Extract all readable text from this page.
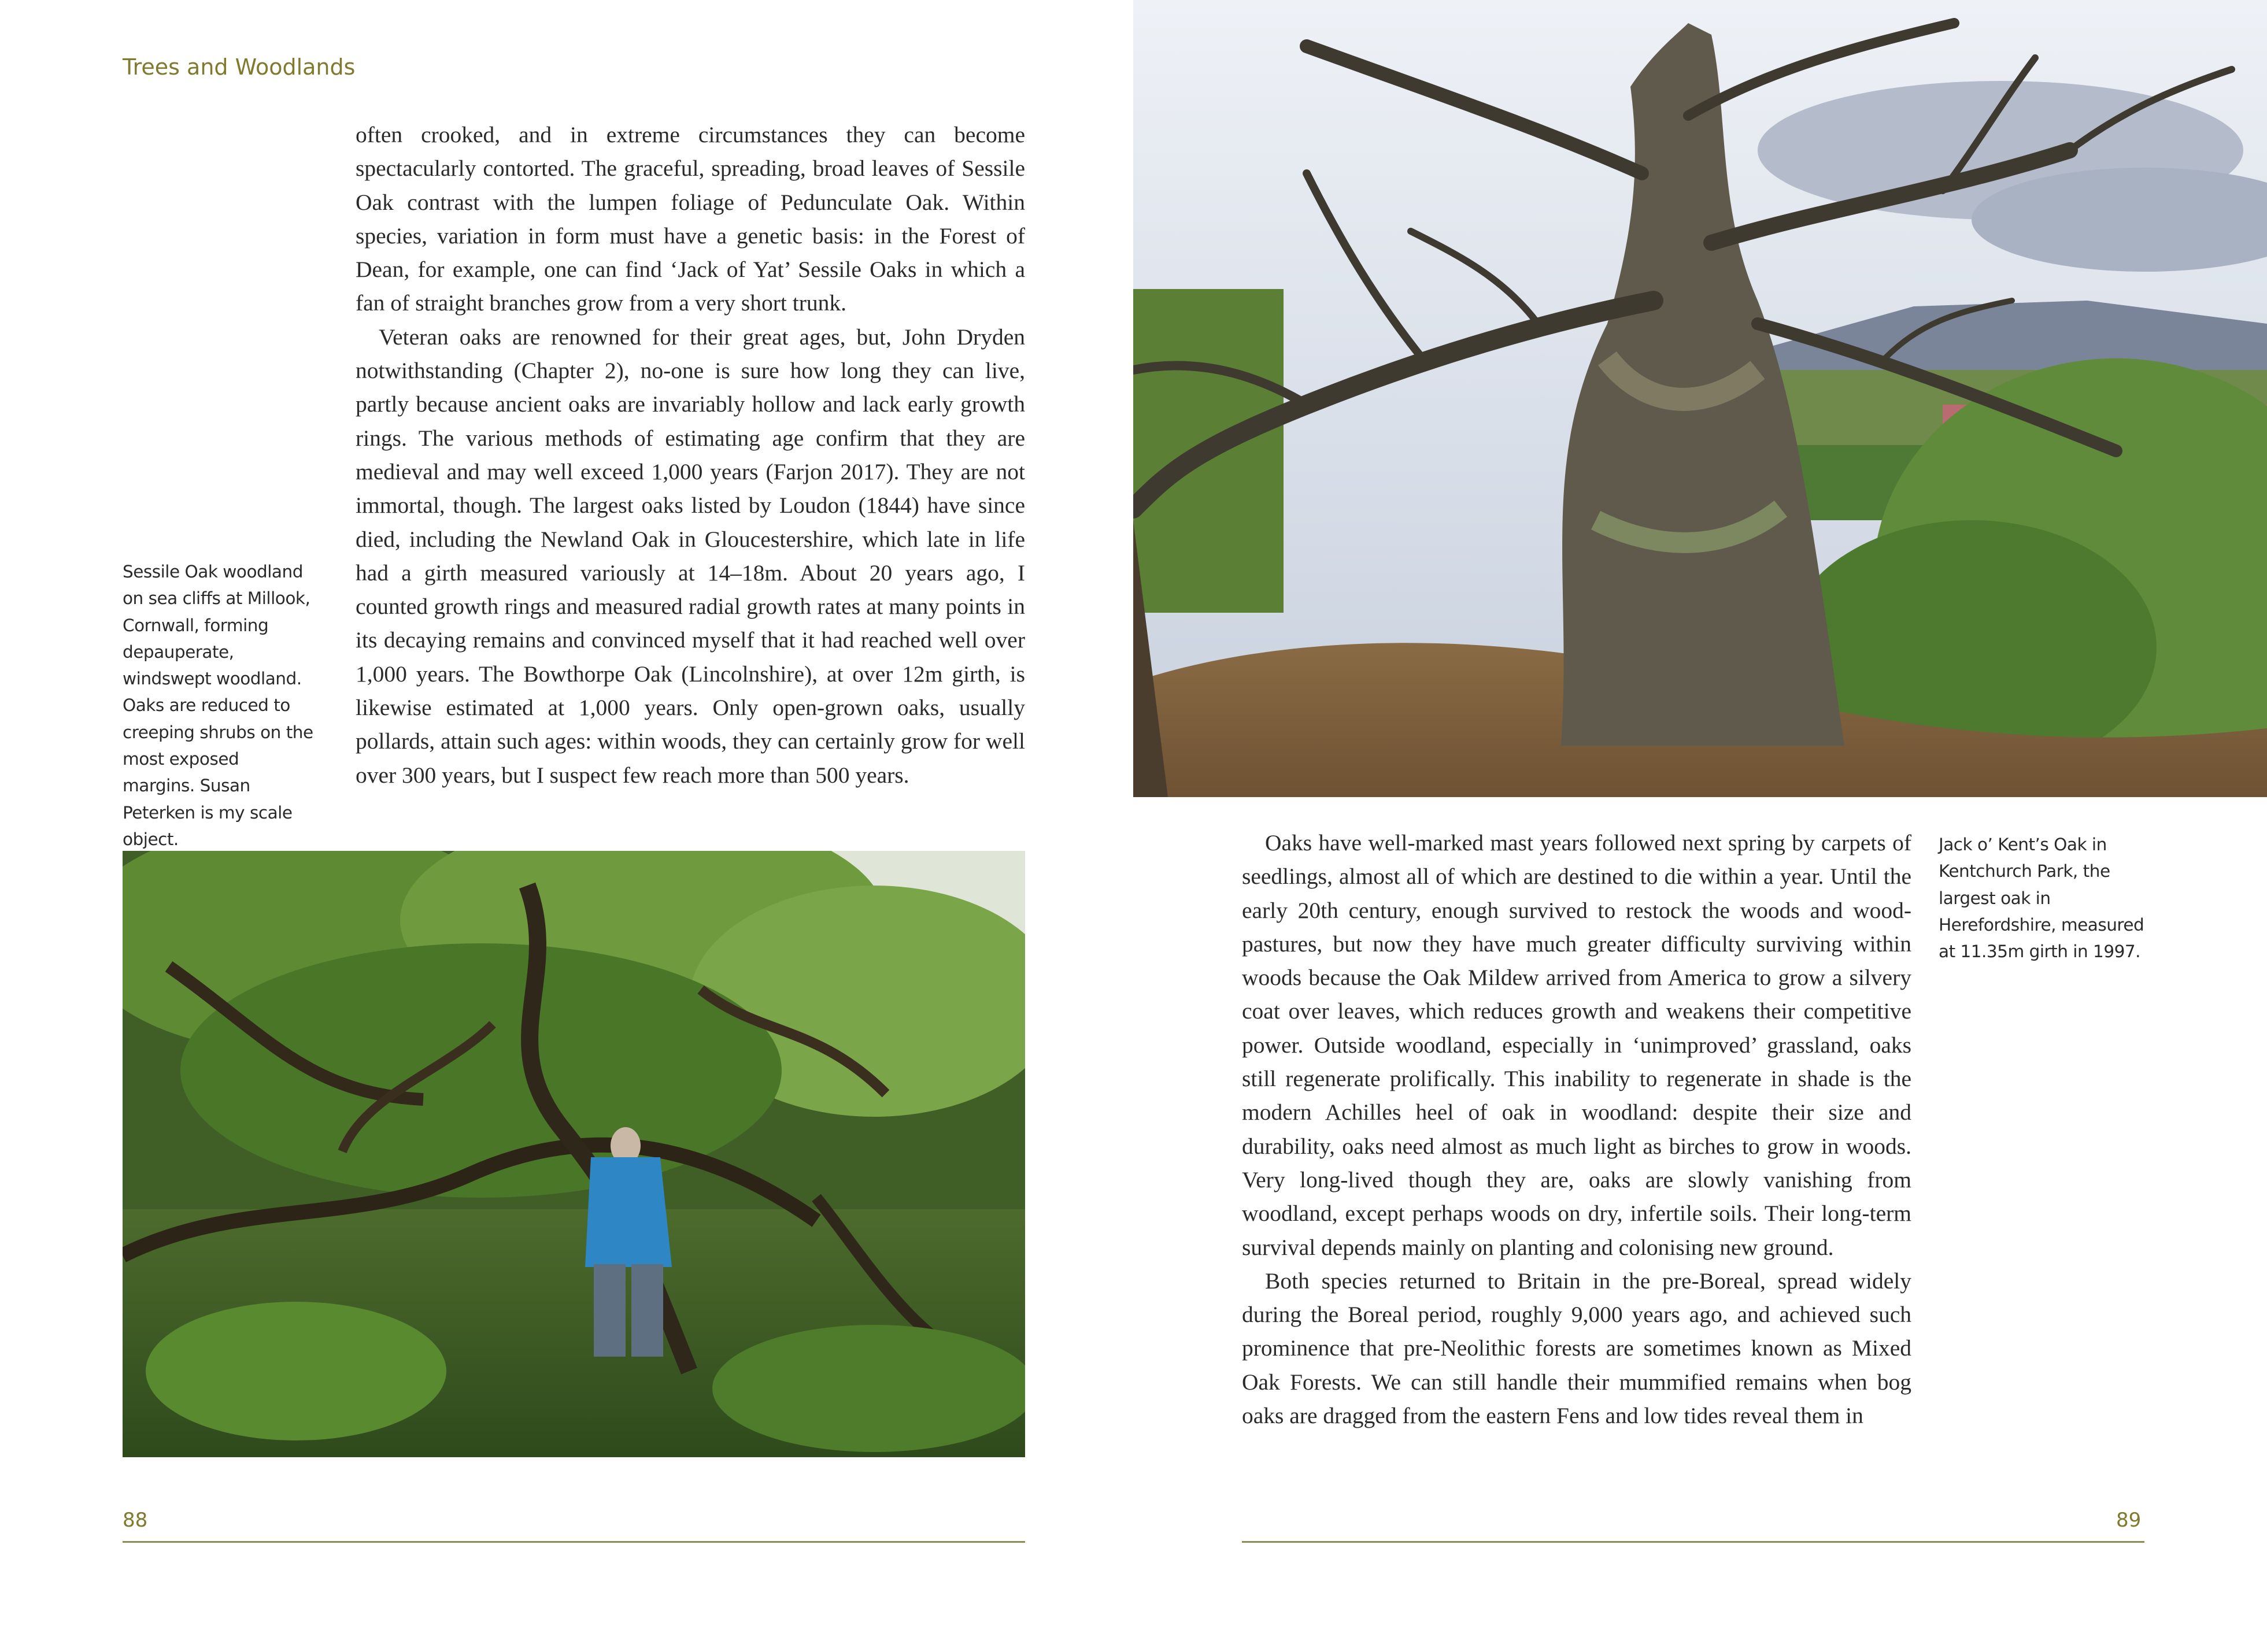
Trees and Woodlands

often crooked, and in extreme circumstances they can become spectacularly contorted. The graceful, spreading, broad leaves of Sessile Oak contrast with the lumpen foliage of Pedunculate Oak. Within species, variation in form must have a genetic basis: in the Forest of Dean, for example, one can find ‘Jack of Yat’ Sessile Oaks in which a fan of straight branches grow from a very short trunk.

Veteran oaks are renowned for their great ages, but, John Dryden notwithstanding (Chapter 2), no-one is sure how long they can live, partly because ancient oaks are invariably hollow and lack early growth rings. The various methods of estimating age confirm that they are medieval and may well exceed 1,000 years (Farjon 2017). They are not immortal, though. The largest oaks listed by Loudon (1844) have since died, including the Newland Oak in Gloucestershire, which late in life had a girth measured variously at 14–18m. About 20 years ago, I counted growth rings and measured radial growth rates at many points in its decaying remains and convinced myself that it had reached well over 1,000 years. The Bowthorpe Oak (Lincolnshire), at over 12m girth, is likewise estimated at 1,000 years. Only open-grown oaks, usually pollards, attain such ages: within woods, they can certainly grow for well over 300 years, but I suspect few reach more than 500 years.

Sessile Oak woodland on sea cliffs at Millook, Cornwall, forming depauperate, windswept woodland. Oaks are reduced to creeping shrubs on the most exposed margins. Susan Peterken is my scale object.

88

Oaks have well-marked mast years followed next spring by carpets of seedlings, almost all of which are destined to die within a year. Until the early 20th century, enough survived to restock the woods and wood-pastures, but now they have much greater difficulty surviving within woods because the Oak Mildew arrived from America to grow a silvery coat over leaves, which reduces growth and weakens their competitive power. Outside woodland, especially in ‘unimproved’ grassland, oaks still regenerate prolifically. This inability to regenerate in shade is the modern Achilles heel of oak in woodland: despite their size and durability, oaks need almost as much light as birches to grow in woods. Very long-lived though they are, oaks are slowly vanishing from woodland, except perhaps woods on dry, infertile soils. Their long-term survival depends mainly on planting and colonising new ground.

Both species returned to Britain in the pre-Boreal, spread widely during the Boreal period, roughly 9,000 years ago, and achieved such prominence that pre-Neolithic forests are sometimes known as Mixed Oak Forests. We can still handle their mummified remains when bog oaks are dragged from the eastern Fens and low tides reveal them in

Jack o’ Kent’s Oak in Kentchurch Park, the largest oak in Herefordshire, measured at 11.35m girth in 1997.

89
